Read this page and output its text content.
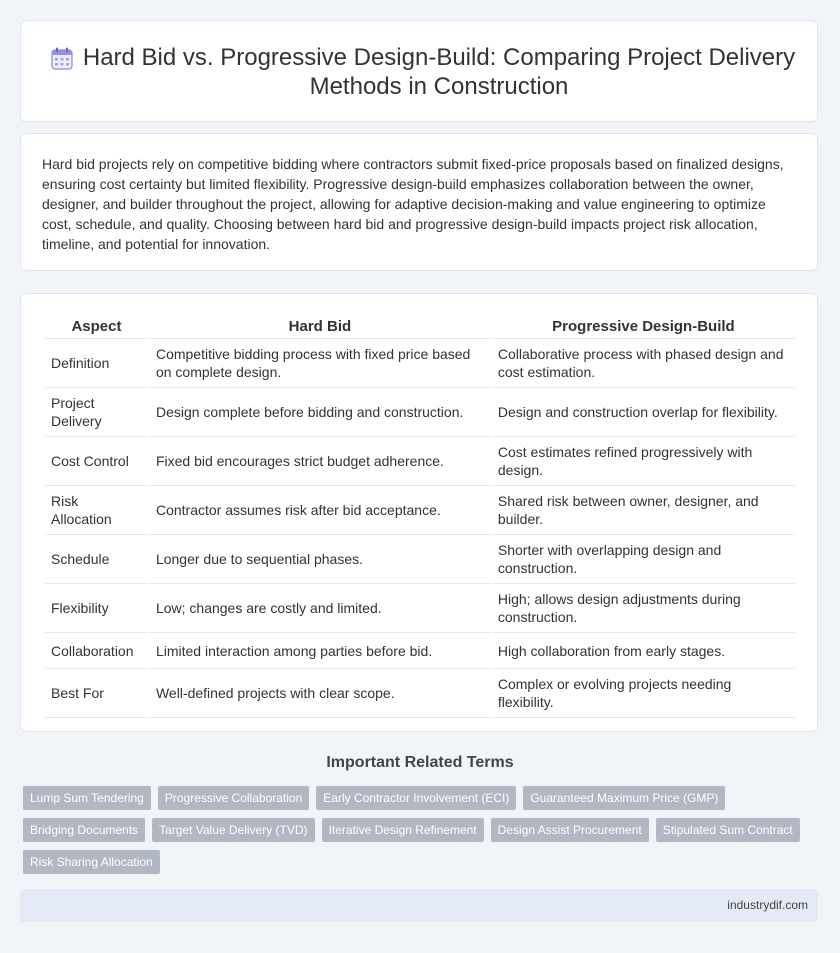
Hard Bid vs. Progressive Design-Build: Comparing Project Delivery Methods in Construction

Hard bid projects rely on competitive bidding where contractors submit fixed-price proposals based on finalized designs, ensuring cost certainty but limited flexibility. Progressive design-build emphasizes collaboration between the owner, designer, and builder throughout the project, allowing for adaptive decision-making and value engineering to optimize cost, schedule, and quality. Choosing between hard bid and progressive design-build impacts project risk allocation, timeline, and potential for innovation.

Aspect	Hard Bid	Progressive Design-Build
Definition	Competitive bidding process with fixed price based on complete design.	Collaborative process with phased design and cost estimation.
Project Delivery	Design complete before bidding and construction.	Design and construction overlap for flexibility.
Cost Control	Fixed bid encourages strict budget adherence.	Cost estimates refined progressively with design.
Risk Allocation	Contractor assumes risk after bid acceptance.	Shared risk between owner, designer, and builder.
Schedule	Longer due to sequential phases.	Shorter with overlapping design and construction.
Flexibility	Low; changes are costly and limited.	High; allows design adjustments during construction.
Collaboration	Limited interaction among parties before bid.	High collaboration from early stages.
Best For	Well-defined projects with clear scope.	Complex or evolving projects needing flexibility.
Important Related Terms
Lump Sum Tendering	Progressive Collaboration	Early Contractor Involvement (ECI)	Guaranteed Maximum Price (GMP)
Bridging Documents	Target Value Delivery (TVD)	Iterative Design Refinement	Design Assist Procurement	Stipulated Sum Contract
Risk Sharing Allocation
industrydif.com
